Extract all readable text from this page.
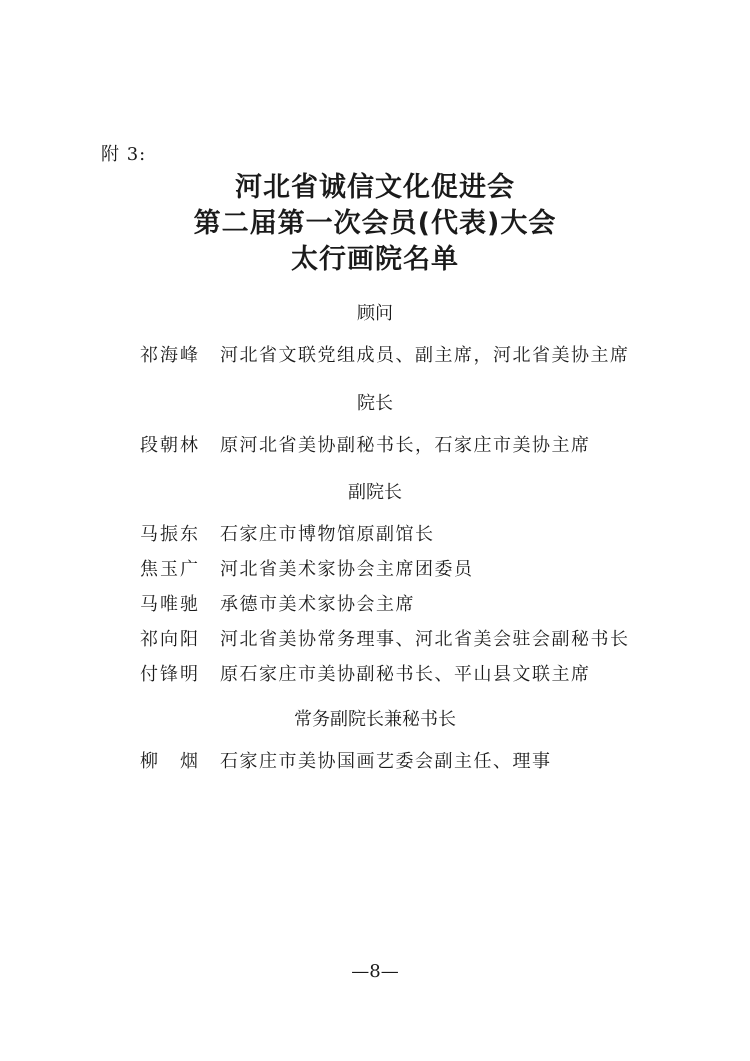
附 3:
河北省诚信文化促进会
第二届第一次会员(代表)大会
太行画院名单
顾问
祁海峰	河北省文联党组成员、副主席，河北省美协主席
院长
段朝林	原河北省美协副秘书长，石家庄市美协主席
副院长
马振东	石家庄市博物馆原副馆长
焦玉广	河北省美术家协会主席团委员
马唯驰	承德市美术家协会主席
祁向阳	河北省美协常务理事、河北省美会驻会副秘书长
付锋明	原石家庄市美协副秘书长、平山县文联主席
常务副院长兼秘书长
柳　烟	石家庄市美协国画艺委会副主任、理事
—8—
